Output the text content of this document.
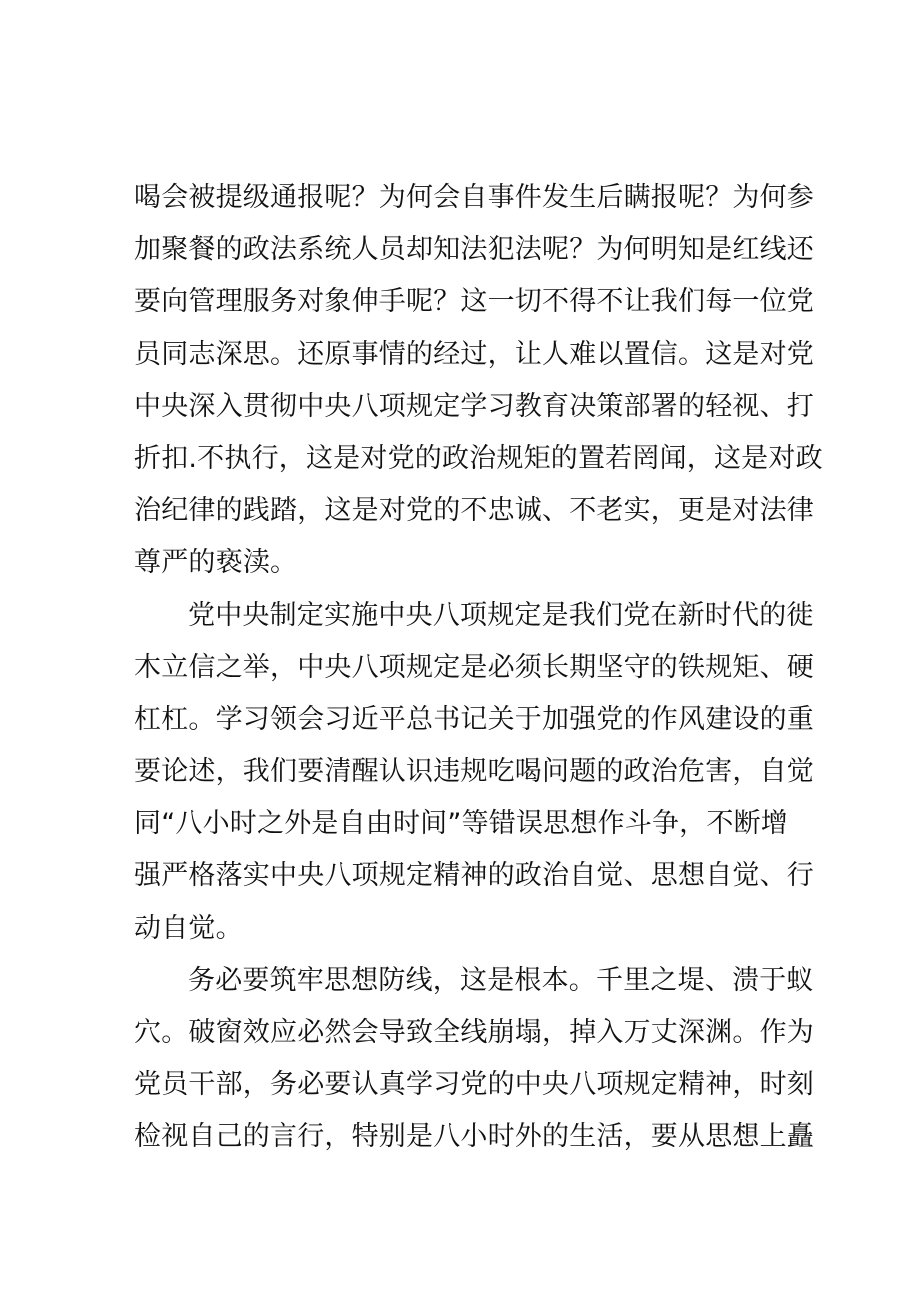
喝会被提级通报呢？为何会自事件发生后瞒报呢？为何参
加聚餐的政法系统人员却知法犯法呢？为何明知是红线还
要向管理服务对象伸手呢？这一切不得不让我们每一位党
员同志深思。还原事情的经过，让人难以置信。这是对党
中央深入贯彻中央八项规定学习教育决策部署的轻视、打
折扣.不执行，这是对党的政治规矩的置若罔闻，这是对政
治纪律的践踏，这是对党的不忠诚、不老实，更是对法律
尊严的亵渎。
党中央制定实施中央八项规定是我们党在新时代的徙
木立信之举，中央八项规定是必须长期坚守的铁规矩、硬
杠杠。学习领会习近平总书记关于加强党的作风建设的重
要论述，我们要清醒认识违规吃喝问题的政治危害，自觉
同“八小时之外是自由时间”等错误思想作斗争，不断增
强严格落实中央八项规定精神的政治自觉、思想自觉、行
动自觉。
务必要筑牢思想防线，这是根本。千里之堤、溃于蚁
穴。破窗效应必然会导致全线崩塌，掉入万丈深渊。作为
党员干部，务必要认真学习党的中央八项规定精神，时刻
检视自己的言行，特别是八小时外的生活，要从思想上矗
